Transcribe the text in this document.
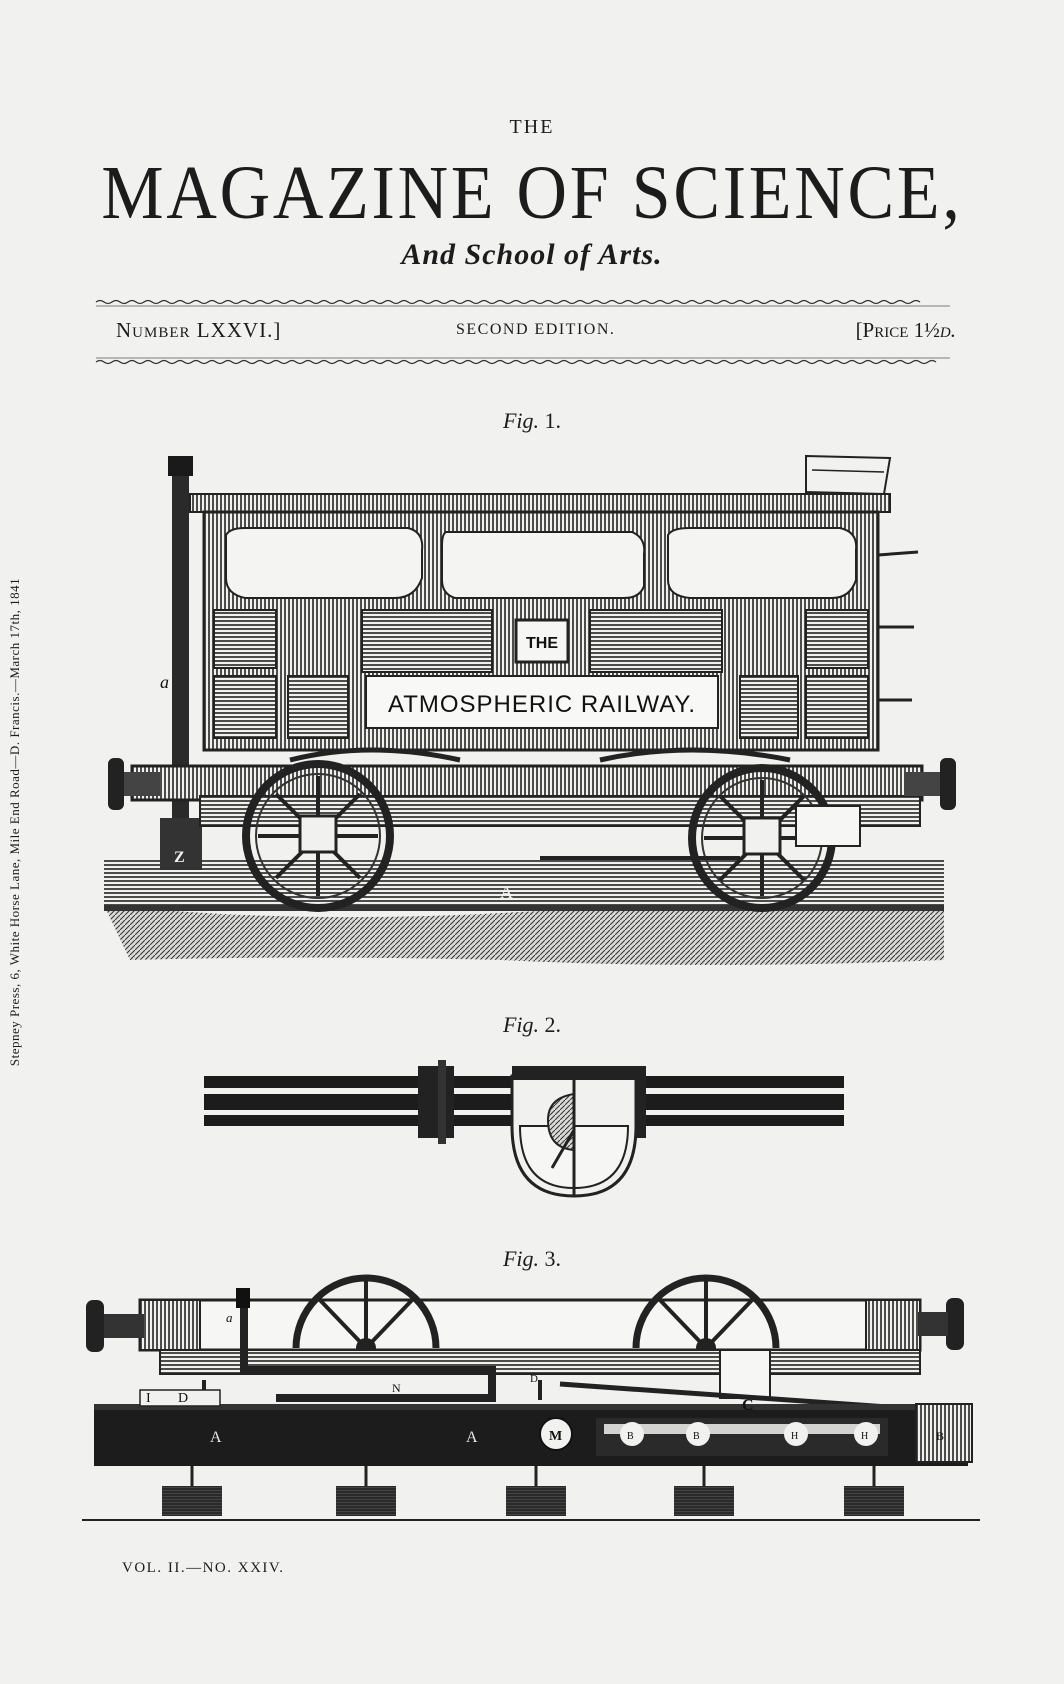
THE
MAGAZINE OF SCIENCE,
And School of Arts.
THE
ATMOSPHERIC RAILWAY.
a
Z
A
a
I D
D
N
A	A	M	B	B
C
H	H	B
Number LXXVI.]	SECOND EDITION.	[Price 1½d.
Fig. 1.
Fig. 2.
Fig. 3.
Stepney Press, 6, White Horse Lane, Mile End Road—D. Francis.—March 17th, 1841
VOL. II.—NO. XXIV.
